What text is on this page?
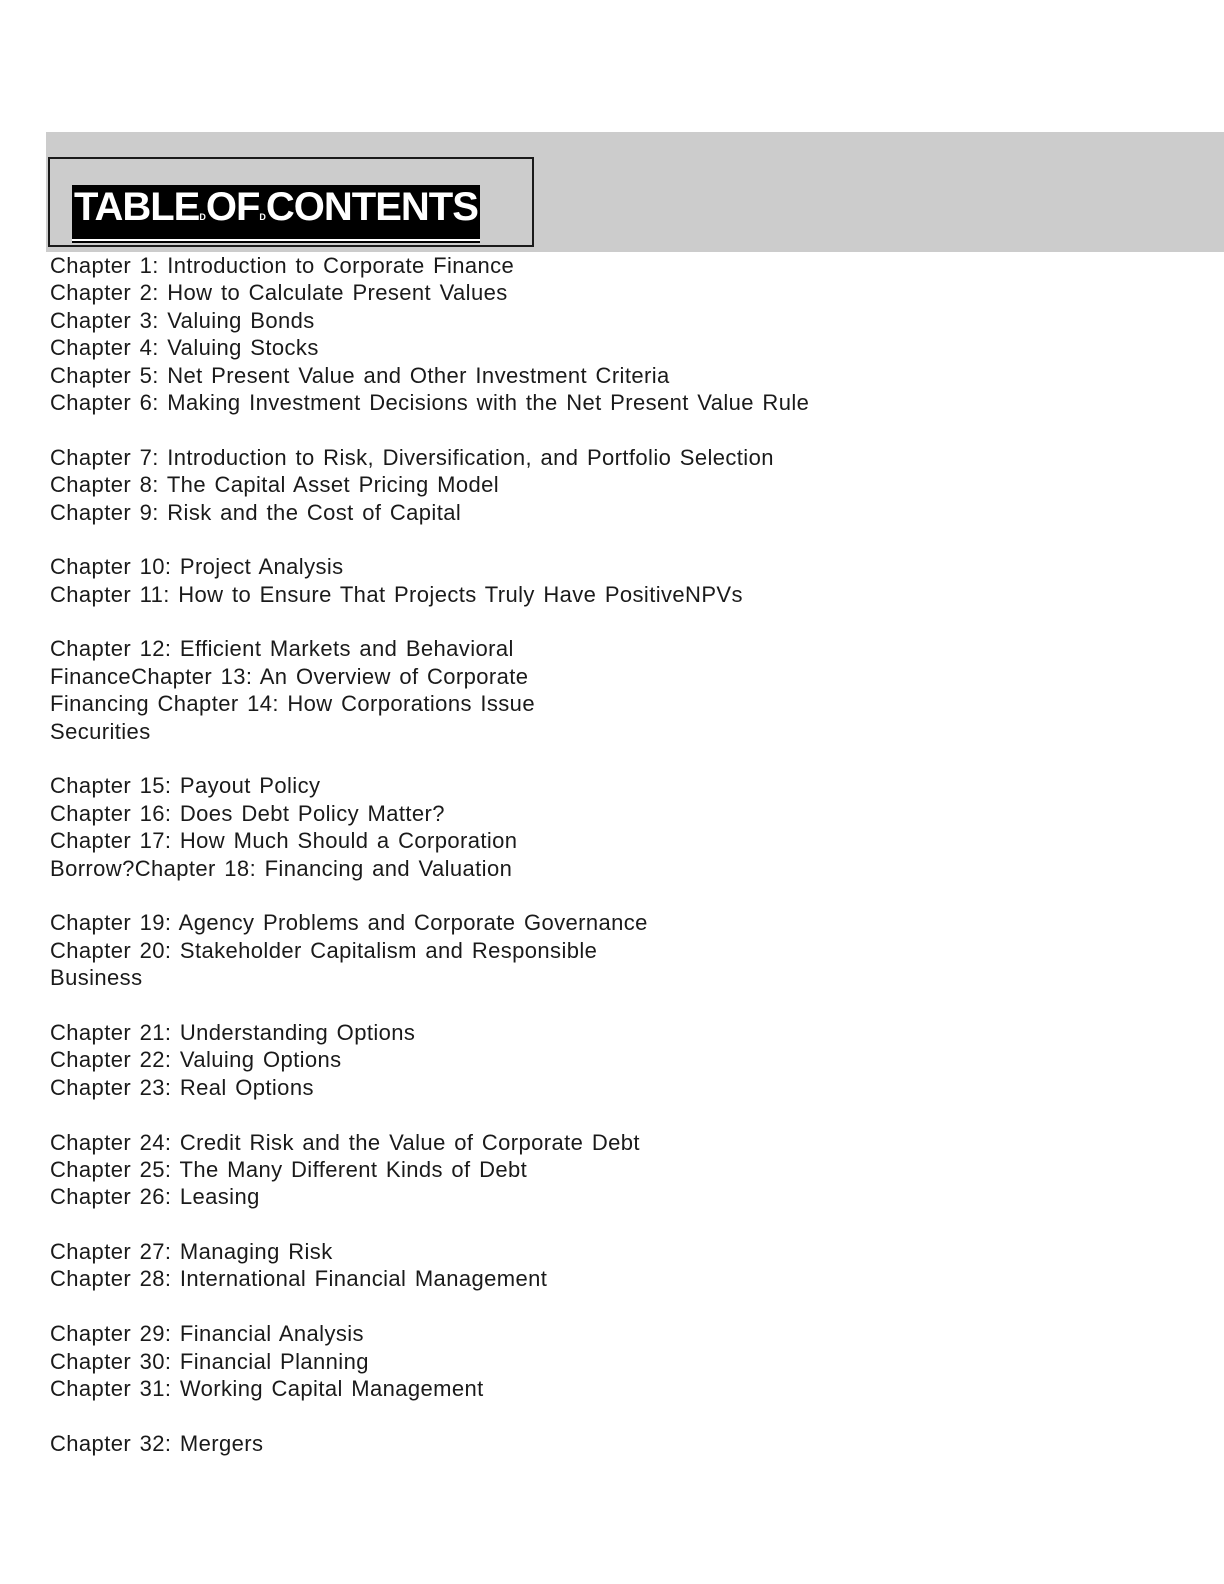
TABLEDOFDCONTENTS
Chapter 1: Introduction to Corporate Finance
Chapter 2: How to Calculate Present Values
Chapter 3: Valuing Bonds
Chapter 4: Valuing Stocks
Chapter 5: Net Present Value and Other Investment Criteria
Chapter 6: Making Investment Decisions with the Net Present Value Rule
Chapter 7: Introduction to Risk, Diversification, and Portfolio Selection
Chapter 8: The Capital Asset Pricing Model
Chapter 9: Risk and the Cost of Capital
Chapter 10: Project Analysis
Chapter 11: How to Ensure That Projects Truly Have PositiveNPVs
Chapter 12: Efficient Markets and Behavioral
FinanceChapter 13: An Overview of Corporate
Financing Chapter 14: How Corporations Issue
Securities
Chapter 15: Payout Policy
Chapter 16: Does Debt Policy Matter?
Chapter 17: How Much Should a Corporation
Borrow?Chapter 18: Financing and Valuation
Chapter 19: Agency Problems and Corporate Governance
Chapter 20: Stakeholder Capitalism and Responsible
Business
Chapter 21: Understanding Options
Chapter 22: Valuing Options
Chapter 23: Real Options
Chapter 24: Credit Risk and the Value of Corporate Debt
Chapter 25: The Many Different Kinds of Debt
Chapter 26: Leasing
Chapter 27: Managing Risk
Chapter 28: International Financial Management
Chapter 29: Financial Analysis
Chapter 30: Financial Planning
Chapter 31: Working Capital Management
Chapter 32: Mergers
